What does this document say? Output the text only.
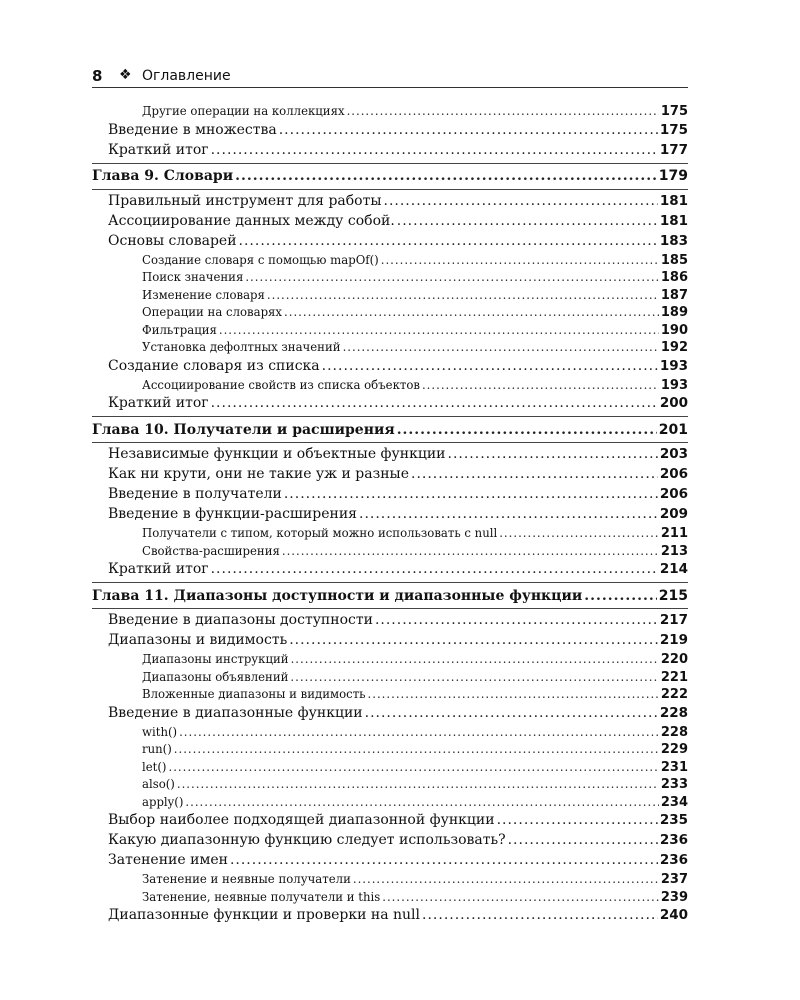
8 ❖ Оглавление
Другие операции на коллекциях .....	175
Введение в множества .....	175
Краткий итог .....	177
Глава 9. Словари .....	179
Правильный инструмент для работы .....	181
Ассоциирование данных между собой. .....	181
Основы словарей .....	183
Создание словаря с помощью mapOf() .....	185
Поиск значения .....	186
Изменение словаря .....	187
Операции на словарях .....	189
Фильтрация .....	190
Установка дефолтных значений .....	192
Создание словаря из списка .....	193
Ассоциирование свойств из списка объектов .....	193
Краткий итог .....	200
Глава 10. Получатели и расширения .....	201
Независимые функции и объектные функции .....	203
Как ни крути, они не такие уж и разные .....	206
Введение в получатели .....	206
Введение в функции-расширения .....	209
Получатели с типом, который можно использовать с null .....	211
Свойства-расширения .....	213
Краткий итог .....	214
Глава 11. Диапазоны доступности и диапазонные функции .....	215
Введение в диапазоны доступности .....	217
Диапазоны и видимость .....	219
Диапазоны инструкций .....	220
Диапазоны объявлений .....	221
Вложенные диапазоны и видимость .....	222
Введение в диапазонные функции .....	228
with() .....	228
run() .....	229
let() .....	231
also() .....	233
apply() .....	234
Выбор наиболее подходящей диапазонной функции .....	235
Какую диапазонную функцию следует использовать? .....	236
Затенение имен .....	236
Затенение и неявные получатели .....	237
Затенение, неявные получатели и this .....	239
Диапазонные функции и проверки на null .....	240
